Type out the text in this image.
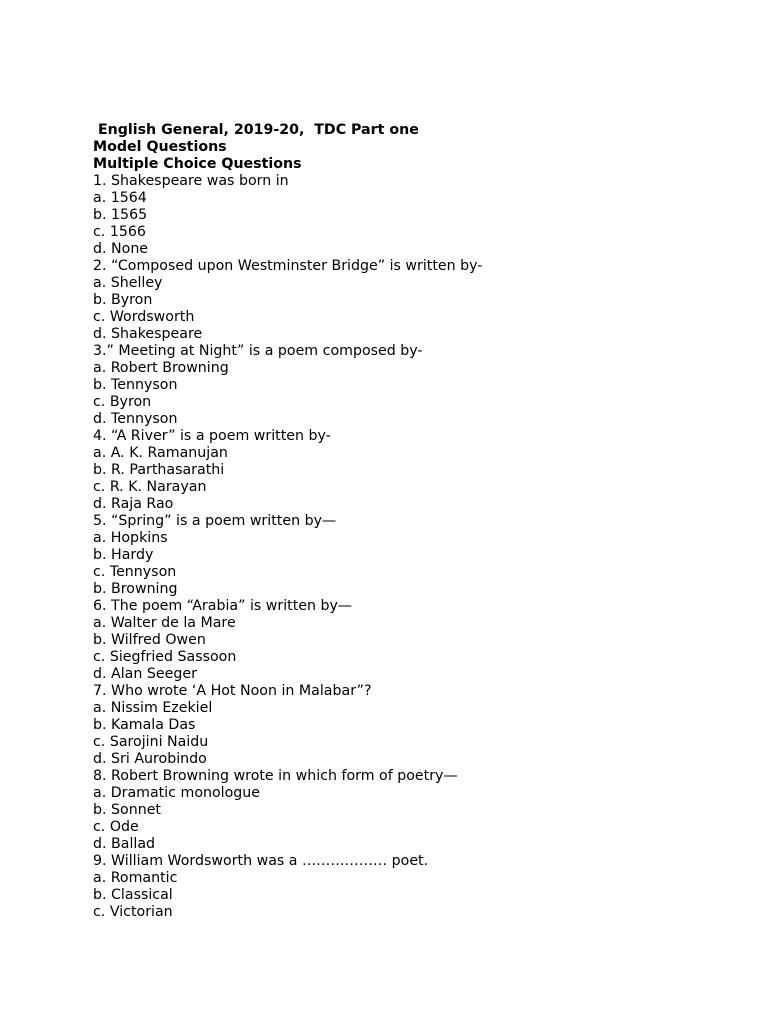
English General, 2019-20,  TDC Part one
Model Questions
Multiple Choice Questions
1. Shakespeare was born in
a. 1564
b. 1565
c. 1566
d. None
2. “Composed upon Westminster Bridge” is written by-
a. Shelley
b. Byron
c. Wordsworth
d. Shakespeare
3.” Meeting at Night” is a poem composed by-
a. Robert Browning
b. Tennyson
c. Byron
d. Tennyson
4. “A River” is a poem written by-
a. A. K. Ramanujan
b. R. Parthasarathi
c. R. K. Narayan
d. Raja Rao
5. “Spring” is a poem written by—
a. Hopkins
b. Hardy
c. Tennyson
b. Browning
6. The poem “Arabia” is written by—
a. Walter de la Mare
b. Wilfred Owen
c. Siegfried Sassoon
d. Alan Seeger
7. Who wrote ‘A Hot Noon in Malabar”?
a. Nissim Ezekiel
b. Kamala Das
c. Sarojini Naidu
d. Sri Aurobindo
8. Robert Browning wrote in which form of poetry—
a. Dramatic monologue
b. Sonnet
c. Ode
d. Ballad
9. William Wordsworth was a ……………… poet.
a. Romantic
b. Classical
c. Victorian
